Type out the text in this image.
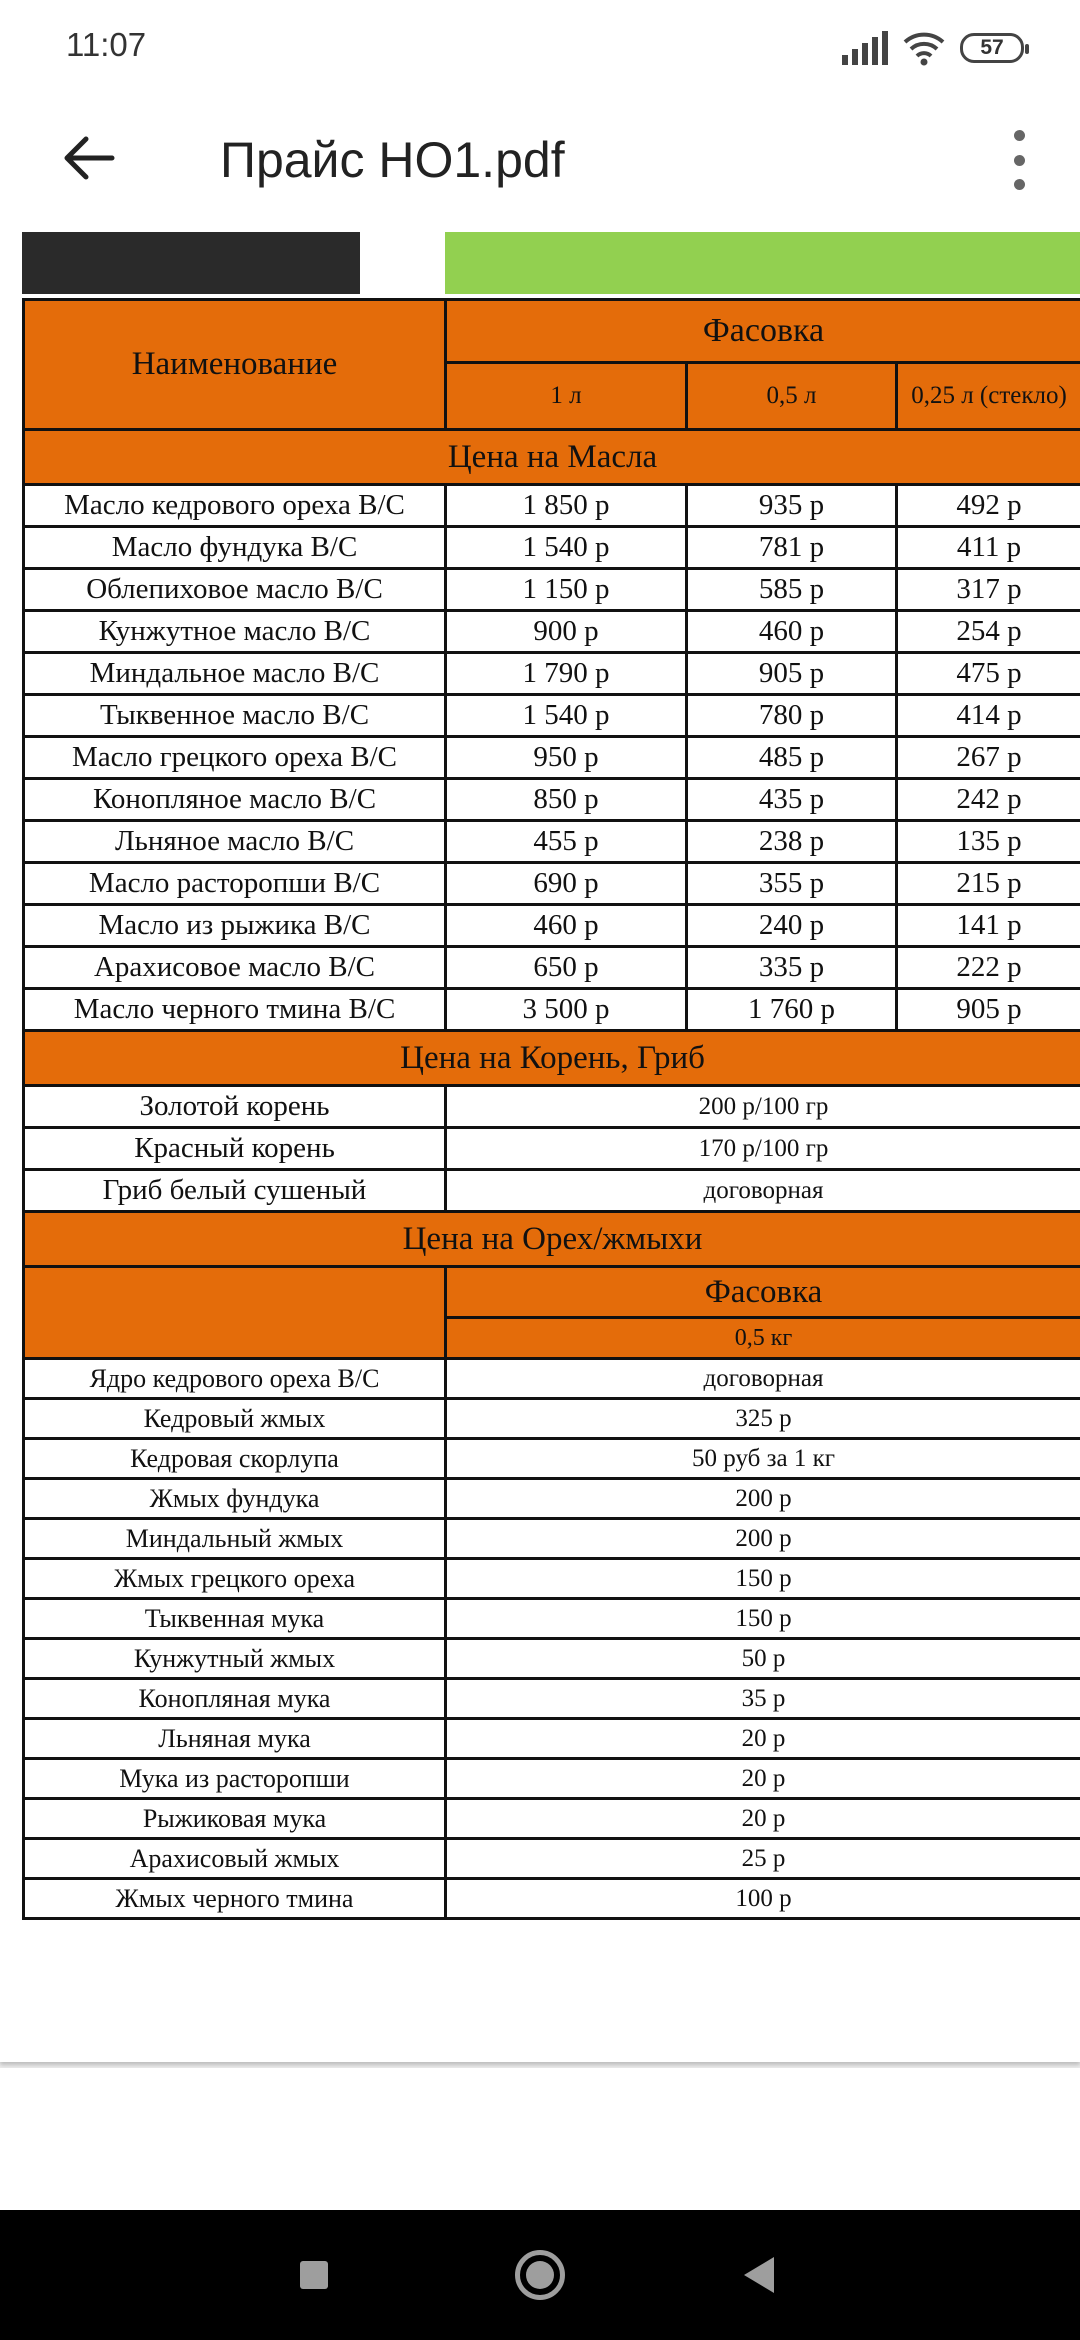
11:07	57
Прайс НО1.pdf
Наименование	Фасовка		
	1 л	0,5 л	0,25 л (стекло)
Цена на Масла			
Масло кедрового ореха В/С	1 850 р	935 р	492 р
Масло фундука В/С	1 540 р	781 р	411 р
Облепиховое масло В/С	1 150 р	585 р	317 р
Кунжутное масло В/С	900 р	460 р	254 р
Миндальное масло В/С	1 790 р	905 р	475 р
Тыквенное масло В/С	1 540 р	780 р	414 р
Масло грецкого ореха В/С	950 р	485 р	267 р
Конопляное масло В/С	850 р	435 р	242 р
Льняное масло В/С	455 р	238 р	135 р
Масло расторопши В/С	690 р	355 р	215 р
Масло из рыжика В/С	460 р	240 р	141 р
Арахисовое масло В/С	650 р	335 р	222 р
Масло черного тмина В/С	3 500 р	1 760 р	905 р
Цена на Корень, Гриб			
Золотой корень	200 р/100 гр		
Красный корень	170 р/100 гр		
Гриб белый сушеный	договорная		
Цена на Орех/жмыхи			
	Фасовка		
	0,5 кг		
Ядро кедрового ореха В/С	договорная		
Кедровый жмых	325 р		
Кедровая скорлупа	50 руб за 1 кг		
Жмых фундука	200 р		
Миндальный жмых	200 р		
Жмых грецкого ореха	150 р		
Тыквенная мука	150 р		
Кунжутный жмых	50 р		
Конопляная мука	35 р		
Льняная мука	20 р		
Мука из расторопши	20 р		
Рыжиковая мука	20 р		
Арахисовый жмых	25 р		
Жмых черного тмина	100 р		
